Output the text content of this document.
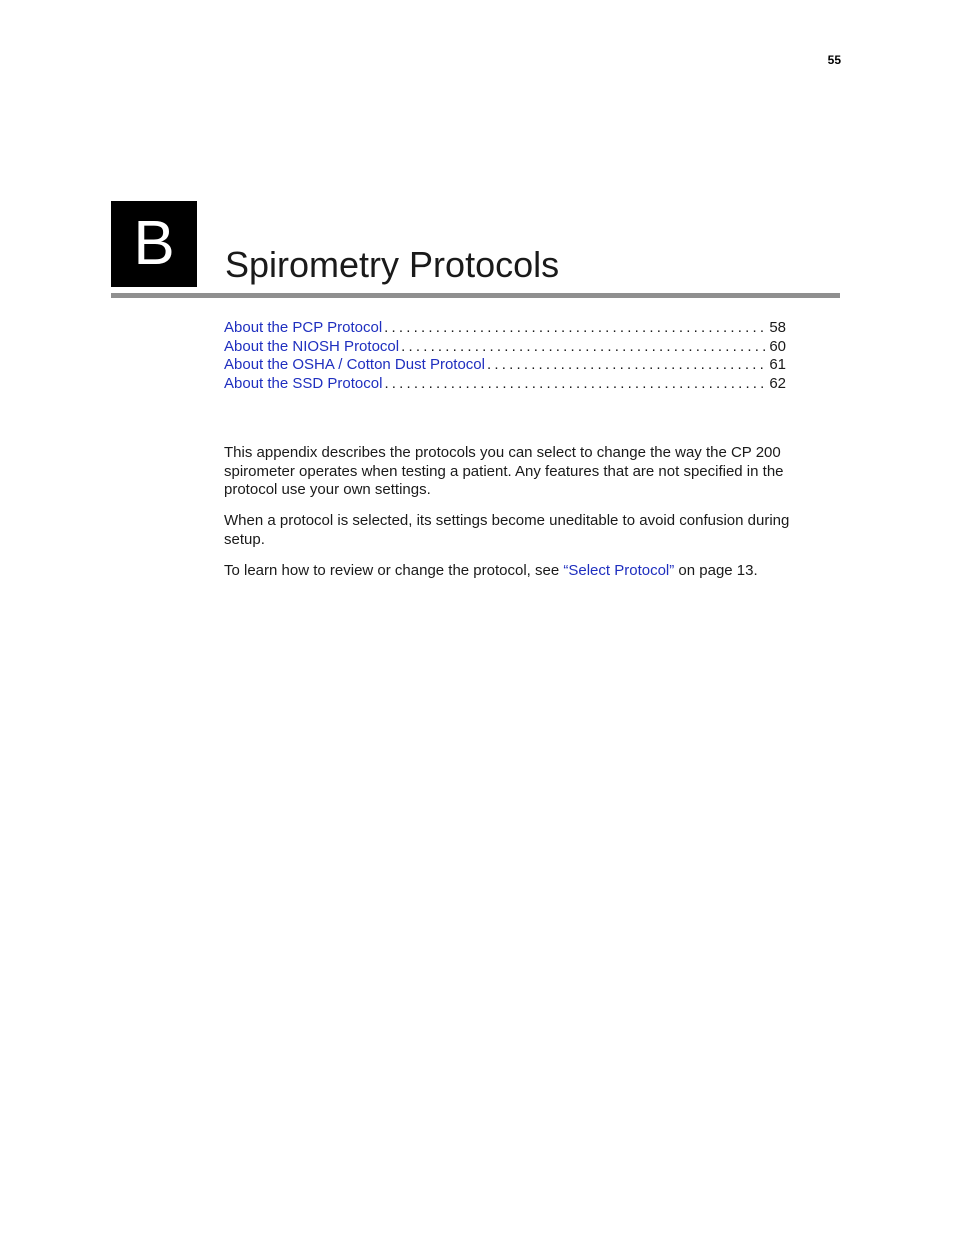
55
B	Spirometry Protocols
About the PCP Protocol .....	58
About the NIOSH Protocol .....	60
About the OSHA / Cotton Dust Protocol .....	61
About the SSD Protocol .....	62

This appendix describes the protocols you can select to change the way the CP 200 spirometer operates when testing a patient. Any features that are not specified in the protocol use your own settings.

When a protocol is selected, its settings become uneditable to avoid confusion during setup.

To learn how to review or change the protocol, see “Select Protocol” on page 13.
